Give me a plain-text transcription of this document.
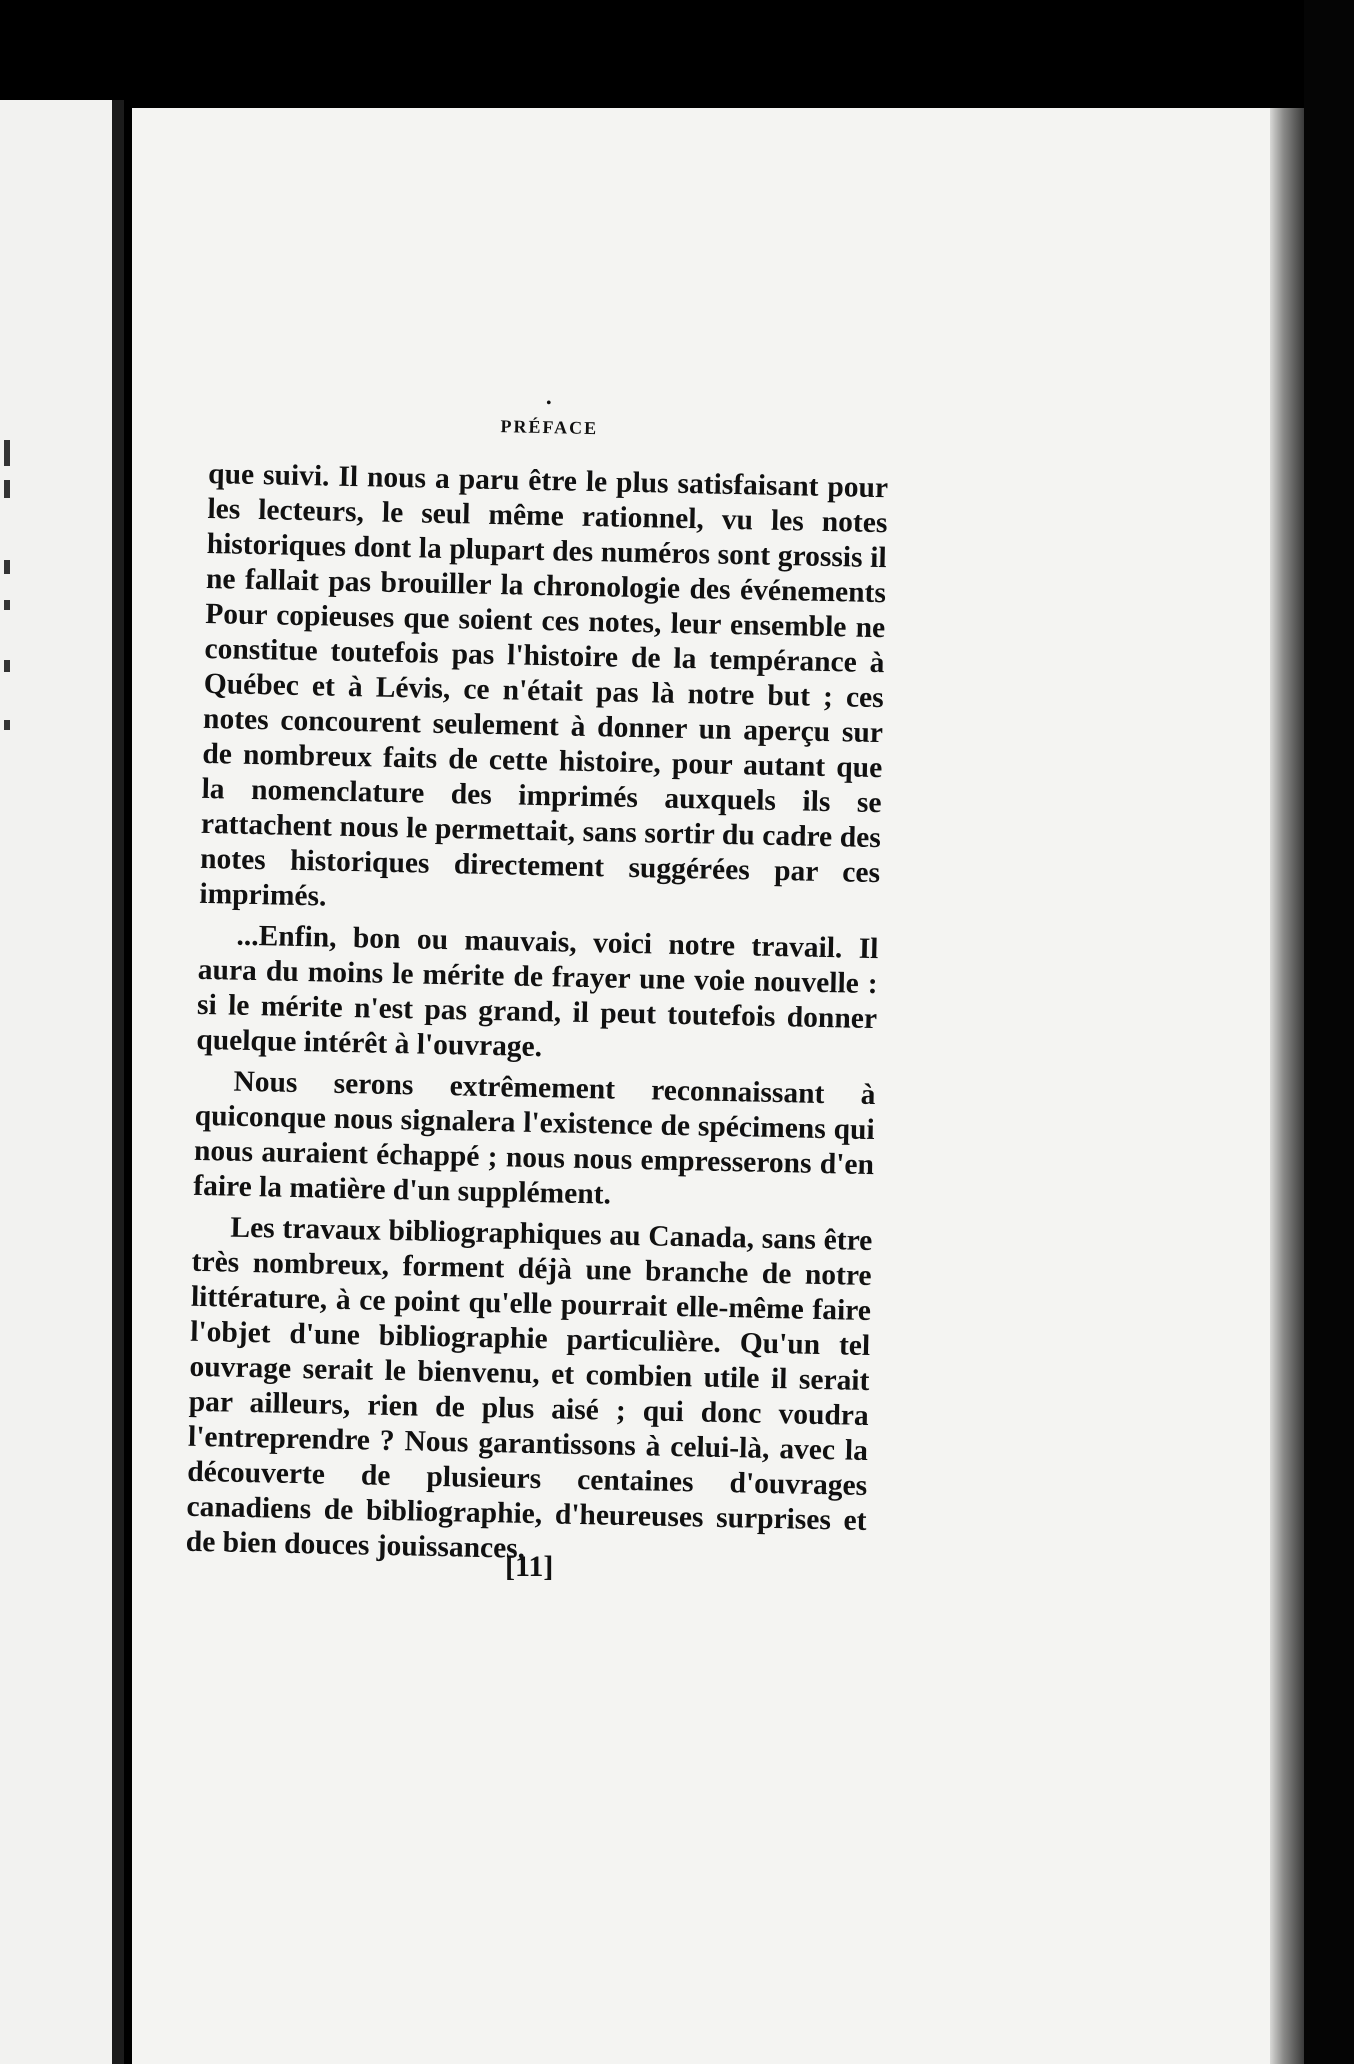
•
PRÉFACE

que suivi. Il nous a paru être le plus satisfaisant pour les lecteurs, le seul même rationnel, vu les notes historiques dont la plupart des numéros sont grossis il ne fallait pas brouiller la chronologie des événements Pour copieuses que soient ces notes, leur ensemble ne constitue toutefois pas l'histoire de la tempérance à Québec et à Lévis, ce n'était pas là notre but ; ces notes concourent seulement à donner un aperçu sur de nombreux faits de cette histoire, pour autant que la nomenclature des imprimés auxquels ils se rattachent nous le permettait, sans sortir du cadre des notes historiques directement suggérées par ces imprimés.

...Enfin, bon ou mauvais, voici notre travail. Il aura du moins le mérite de frayer une voie nouvelle : si le mérite n'est pas grand, il peut toutefois donner quelque intérêt à l'ouvrage.

Nous serons extrêmement reconnaissant à quiconque nous signalera l'existence de spécimens qui nous auraient échappé ; nous nous empresserons d'en faire la matière d'un supplément.

Les travaux bibliographiques au Canada, sans être très nombreux, forment déjà une branche de notre littérature, à ce point qu'elle pourrait elle-même faire l'objet d'une bibliographie particulière. Qu'un tel ouvrage serait le bienvenu, et combien utile il serait par ailleurs, rien de plus aisé ; qui donc voudra l'entreprendre ? Nous garantissons à celui-là, avec la découverte de plusieurs centaines d'ouvrages canadiens de bibliographie, d'heureuses surprises et de bien douces jouissances.

[11]
